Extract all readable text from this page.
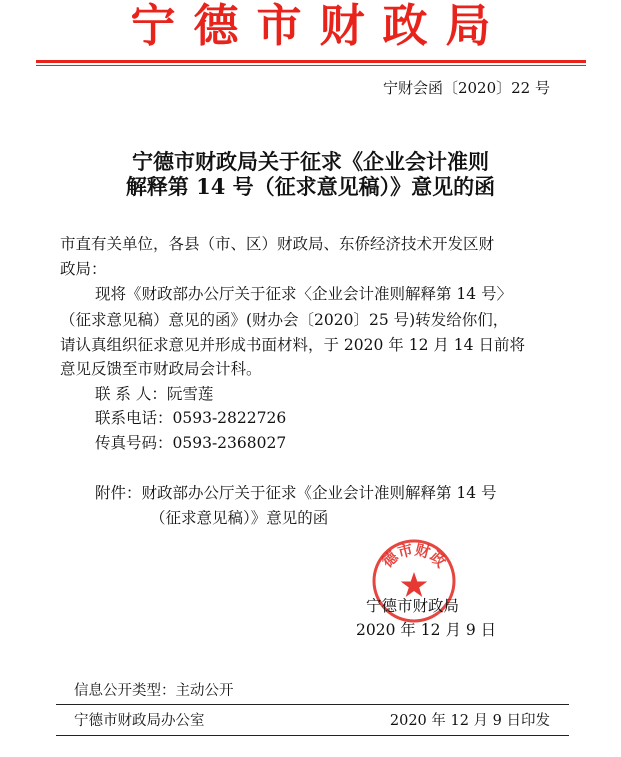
宁德市财政局
宁财会函〔2020〕22 号
宁德市财政局关于征求《企业会计准则
解释第 14 号（征求意见稿）》意见的函
市直有关单位，各县（市、区）财政局、东侨经济技术开发区财
政局：
现将《财政部办公厅关于征求〈企业会计准则解释第 14 号〉
（征求意见稿）意见的函》(财办会〔2020〕25 号)转发给你们，
请认真组织征求意见并形成书面材料，于 2020 年 12 月 14 日前将
意见反馈至市财政局会计科。
联 系 人：阮雪莲
联系电话：0593-2822726
传真号码：0593-2368027
附件：财政部办公厅关于征求《企业会计准则解释第 14 号
（征求意见稿）》意见的函
德市财政
宁德市财政局
2020 年 12 月 9 日
信息公开类型：主动公开
宁德市财政局办公室	2020 年 12 月 9 日印发
